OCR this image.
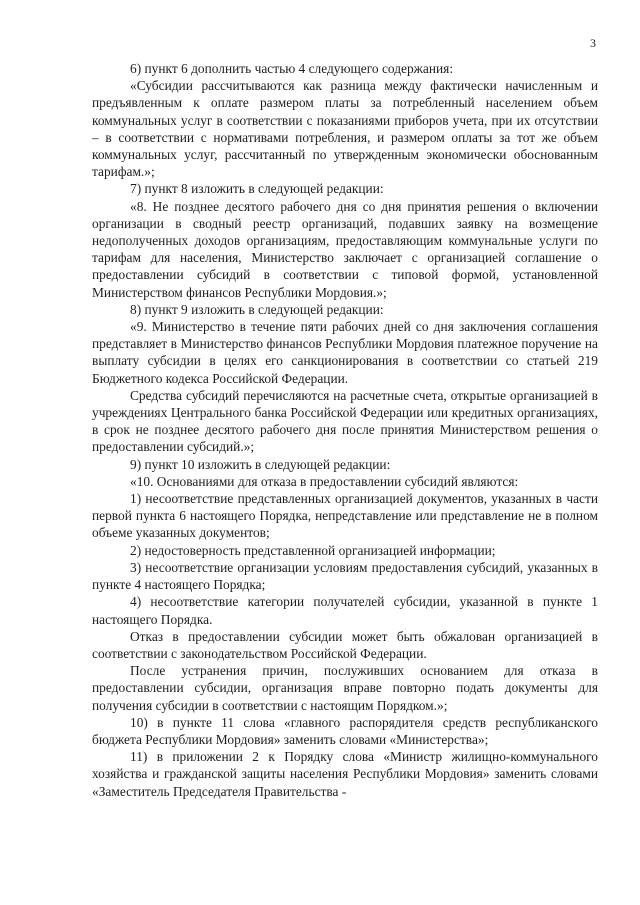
3

6) пункт 6 дополнить частью 4 следующего содержания:

«Субсидии рассчитываются как разница между фактически начисленным и предъявленным к оплате размером платы за потребленный населением объем коммунальных услуг в соответствии с показаниями приборов учета, при их отсутствии – в соответствии с нормативами потребления, и размером оплаты за тот же объем коммунальных услуг, рассчитанный по утвержденным экономически обоснованным тарифам.»;

7) пункт 8 изложить в следующей редакции:

«8. Не позднее десятого рабочего дня со дня принятия решения о включении организации в сводный реестр организаций, подавших заявку на возмещение недополученных доходов организациям, предоставляющим коммунальные услуги по тарифам для населения, Министерство заключает с организацией соглашение о предоставлении субсидий в соответствии с типовой формой, установленной Министерством финансов Республики Мордовия.»;

8) пункт 9 изложить в следующей редакции:

«9. Министерство в течение пяти рабочих дней со дня заключения соглашения представляет в Министерство финансов Республики Мордовия платежное поручение на выплату субсидии в целях его санкционирования в соответствии со статьей 219 Бюджетного кодекса Российской Федерации.

Средства субсидий перечисляются на расчетные счета, открытые организацией в учреждениях Центрального банка Российской Федерации или кредитных организациях, в срок не позднее десятого рабочего дня после принятия Министерством решения о предоставлении субсидий.»;

9) пункт 10 изложить в следующей редакции:

«10. Основаниями для отказа в предоставлении субсидий являются:

1) несоответствие представленных организацией документов, указанных в части первой пункта 6 настоящего Порядка, непредставление или представление не в полном объеме указанных документов;

2) недостоверность представленной организацией информации;

3) несоответствие организации условиям предоставления субсидий, указанных в пункте 4 настоящего Порядка;

4) несоответствие категории получателей субсидии, указанной в пункте 1 настоящего Порядка.

Отказ в предоставлении субсидии может быть обжалован организацией в соответствии с законодательством Российской Федерации.

После устранения причин, послуживших основанием для отказа в предоставлении субсидии, организация вправе повторно подать документы для получения субсидии в соответствии с настоящим Порядком.»;

10) в пункте 11 слова «главного распорядителя средств республиканского бюджета Республики Мордовия» заменить словами «Министерства»;

11) в приложении 2 к Порядку слова «Министр жилищно-коммунального хозяйства и гражданской защиты населения Республики Мордовия» заменить словами «Заместитель Председателя Правительства -
